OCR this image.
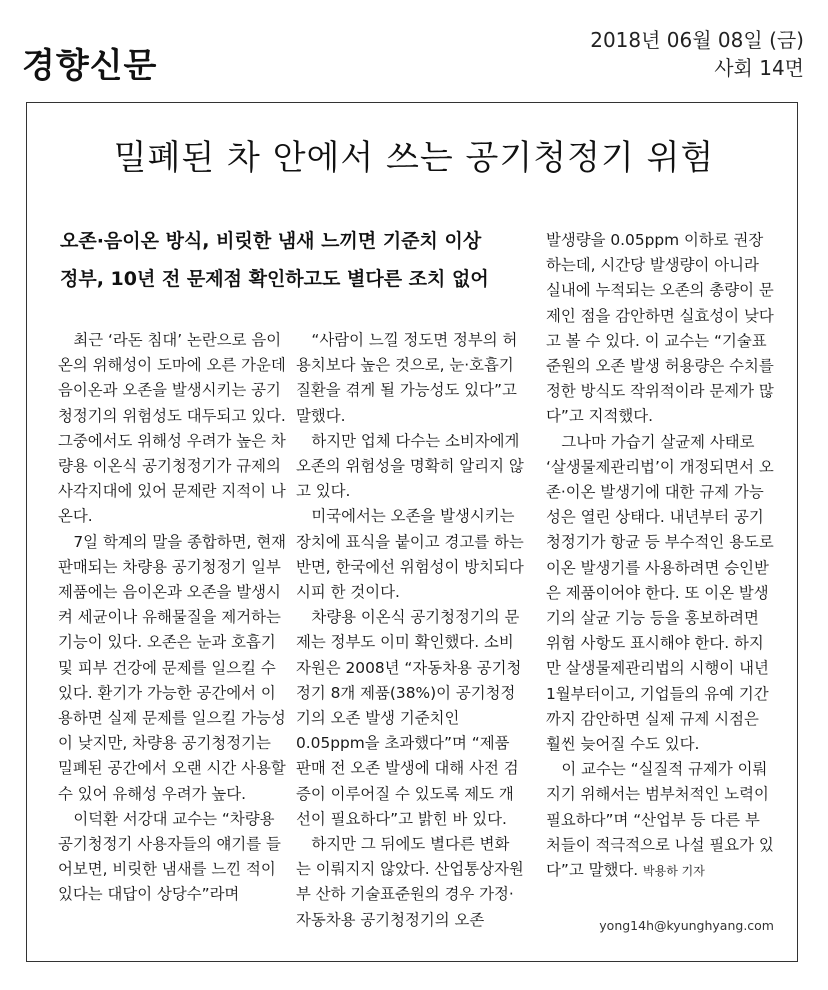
경향신문
2018년 06월 08일 (금)
사회 14면
밀폐된 차 안에서 쓰는 공기청정기 위험
오존·음이온 방식, 비릿한 냄새 느끼면 기준치 이상
정부, 10년 전 문제점 확인하고도 별다른 조치 없어

최근 ‘라돈 침대’ 논란으로 음이온의 위해성이 도마에 오른 가운데 음이온과 오존을 발생시키는 공기청정기의 위험성도 대두되고 있다. 그중에서도 위해성 우려가 높은 차량용 이온식 공기청정기가 규제의 사각지대에 있어 문제란 지적이 나온다.

7일 학계의 말을 종합하면, 현재 판매되는 차량용 공기청정기 일부 제품에는 음이온과 오존을 발생시켜 세균이나 유해물질을 제거하는 기능이 있다. 오존은 눈과 호흡기 및 피부 건강에 문제를 일으킬 수 있다. 환기가 가능한 공간에서 이용하면 실제 문제를 일으킬 가능성이 낮지만, 차량용 공기청정기는 밀폐된 공간에서 오랜 시간 사용할 수 있어 유해성 우려가 높다.

이덕환 서강대 교수는 “차량용 공기청정기 사용자들의 얘기를 들어보면, 비릿한 냄새를 느낀 적이 있다는 대답이 상당수”라며

“사람이 느낄 정도면 정부의 허용치보다 높은 것으로, 눈·호흡기 질환을 겪게 될 가능성도 있다”고 말했다.

하지만 업체 다수는 소비자에게 오존의 위험성을 명확히 알리지 않고 있다.

미국에서는 오존을 발생시키는 장치에 표식을 붙이고 경고를 하는 반면, 한국에선 위험성이 방치되다시피 한 것이다.

차량용 이온식 공기청정기의 문제는 정부도 이미 확인했다. 소비자원은 2008년 “자동차용 공기청정기 8개 제품(38%)이 공기청정기의 오존 발생 기준치인 0.05ppm을 초과했다”며 “제품 판매 전 오존 발생에 대해 사전 검증이 이루어질 수 있도록 제도 개선이 필요하다”고 밝힌 바 있다.

하지만 그 뒤에도 별다른 변화는 이뤄지지 않았다. 산업통상자원부 산하 기술표준원의 경우 가정·자동차용 공기청정기의 오존

발생량을 0.05ppm 이하로 권장하는데, 시간당 발생량이 아니라 실내에 누적되는 오존의 총량이 문제인 점을 감안하면 실효성이 낮다고 볼 수 있다. 이 교수는 “기술표준원의 오존 발생 허용량은 수치를 정한 방식도 작위적이라 문제가 많다”고 지적했다.

그나마 가습기 살균제 사태로 ‘살생물제관리법’이 개정되면서 오존·이온 발생기에 대한 규제 가능성은 열린 상태다. 내년부터 공기청정기가 항균 등 부수적인 용도로 이온 발생기를 사용하려면 승인받은 제품이어야 한다. 또 이온 발생기의 살균 기능 등을 홍보하려면 위험 사항도 표시해야 한다. 하지만 살생물제관리법의 시행이 내년 1월부터이고, 기업들의 유예 기간까지 감안하면 실제 규제 시점은 훨씬 늦어질 수도 있다.

이 교수는 “실질적 규제가 이뤄지기 위해서는 범부처적인 노력이 필요하다”며 “산업부 등 다른 부처들이 적극적으로 나설 필요가 있다”고 말했다. 박용하 기자

yong14h@kyunghyang.com
